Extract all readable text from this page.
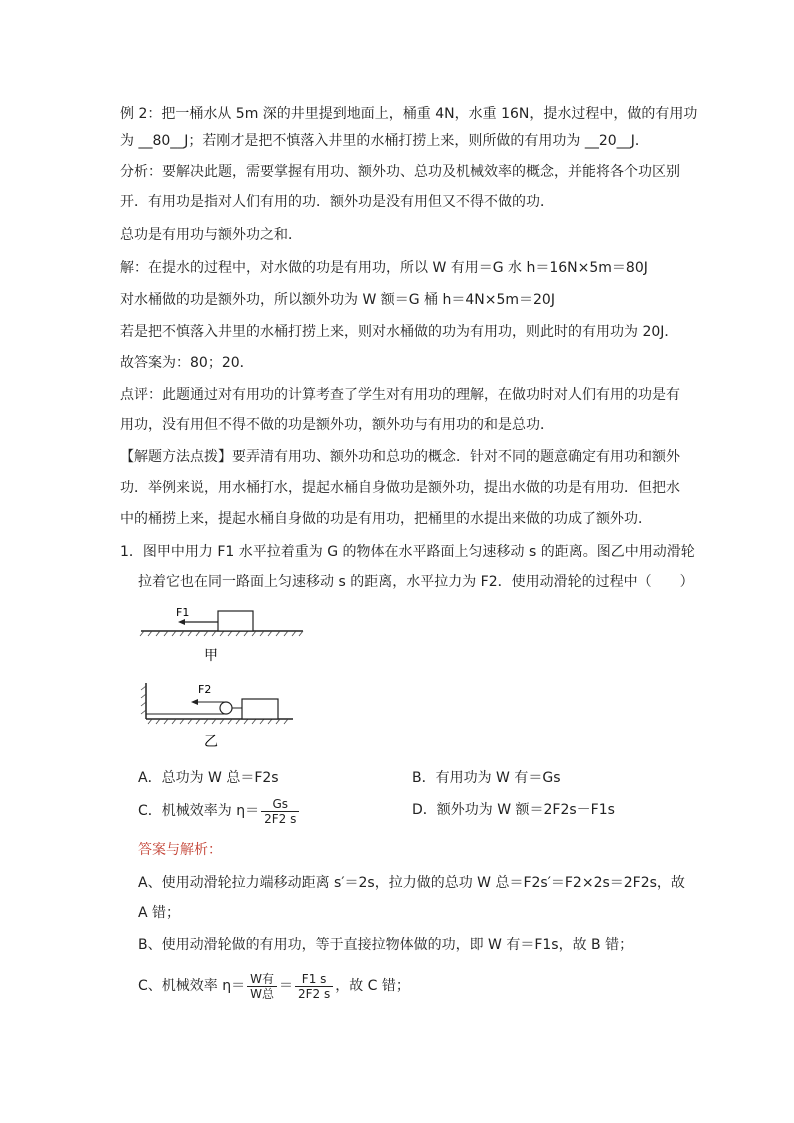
例 2：把一桶水从 5m 深的井里提到地面上，桶重 4N，水重 16N，提水过程中，做的有用功
为 __80__J；若刚才是把不慎落入井里的水桶打捞上来，则所做的有用功为 __20__J．
分析：要解决此题，需要掌握有用功、额外功、总功及机械效率的概念，并能将各个功区别
开．有用功是指对人们有用的功．额外功是没有用但又不得不做的功．
总功是有用功与额外功之和．
解：在提水的过程中，对水做的功是有用功，所以 W 有用＝G 水 h＝16N×5m＝80J
对水桶做的功是额外功，所以额外功为 W 额＝G 桶 h＝4N×5m＝20J
若是把不慎落入井里的水桶打捞上来，则对水桶做的功为有用功，则此时的有用功为 20J．
故答案为：80；20．
点评：此题通过对有用功的计算考查了学生对有用功的理解，在做功时对人们有用的功是有
用功，没有用但不得不做的功是额外功，额外功与有用功的和是总功．
【解题方法点拨】要弄清有用功、额外功和总功的概念．针对不同的题意确定有用功和额外
功．举例来说，用水桶打水，提起水桶自身做功是额外功，提出水做的功是有用功．但把水
中的桶捞上来，提起水桶自身做的功是有用功，把桶里的水提出来做的功成了额外功．
1．图甲中用力 F1 水平拉着重为 G 的物体在水平路面上匀速移动 s 的距离。图乙中用动滑轮
拉着它也在同一路面上匀速移动 s 的距离，水平拉力为 F2．使用动滑轮的过程中（　　）
F1
甲
F2
乙
A．总功为 W 总＝F2s	B．有用功为 W 有＝Gs
C．机械效率为 $\eta= \frac{Gs}{2F2 s}$	D．额外功为 W 额＝2F2s－F1s
答案与解析：
A、使用动滑轮拉力端移动距离 s′＝2s，拉力做的总功 W 总＝F2s′＝F2×2s＝2F2s，故
A 错；
B、使用动滑轮做的有用功，等于直接拉物体做的功，即 W 有＝F1s，故 B 错；
C、机械效率 $\eta= \frac{\text{W有}}{\text{W总}} = \frac{F1 s}{2F2 s}$ ，故 C 错；
